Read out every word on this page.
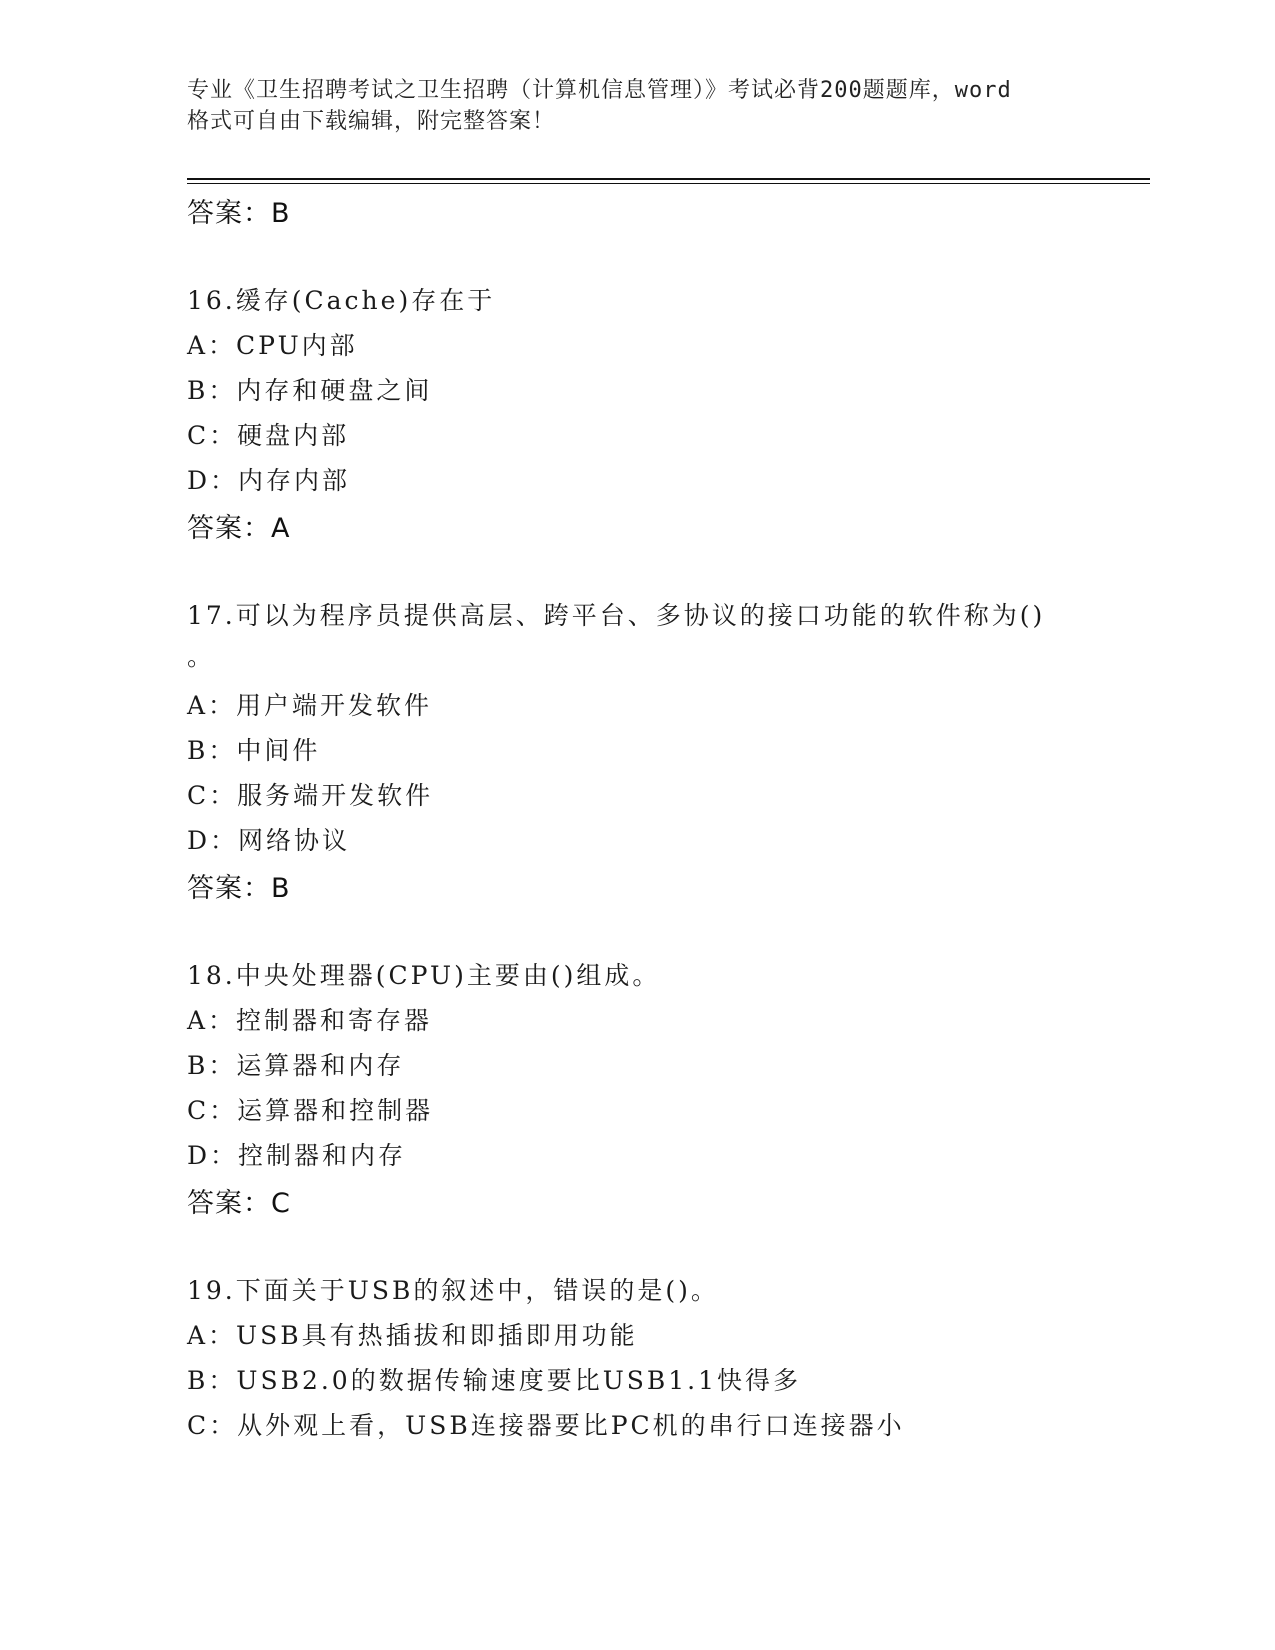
专业《卫生招聘考试之卫生招聘（计算机信息管理）》考试必背200题题库，word
格式可自由下载编辑，附完整答案！
答案：B
16.缓存(Cache)存在于
A：CPU内部
B：内存和硬盘之间
C：硬盘内部
D：内存内部
答案：A
17.可以为程序员提供高层、跨平台、多协议的接口功能的软件称为()
。
A：用户端开发软件
B：中间件
C：服务端开发软件
D：网络协议
答案：B
18.中央处理器(CPU)主要由()组成。
A：控制器和寄存器
B：运算器和内存
C：运算器和控制器
D：控制器和内存
答案：C
19.下面关于USB的叙述中，错误的是()。
A：USB具有热插拔和即插即用功能
B：USB2.0的数据传输速度要比USB1.1快得多
C：从外观上看，USB连接器要比PC机的串行口连接器小
